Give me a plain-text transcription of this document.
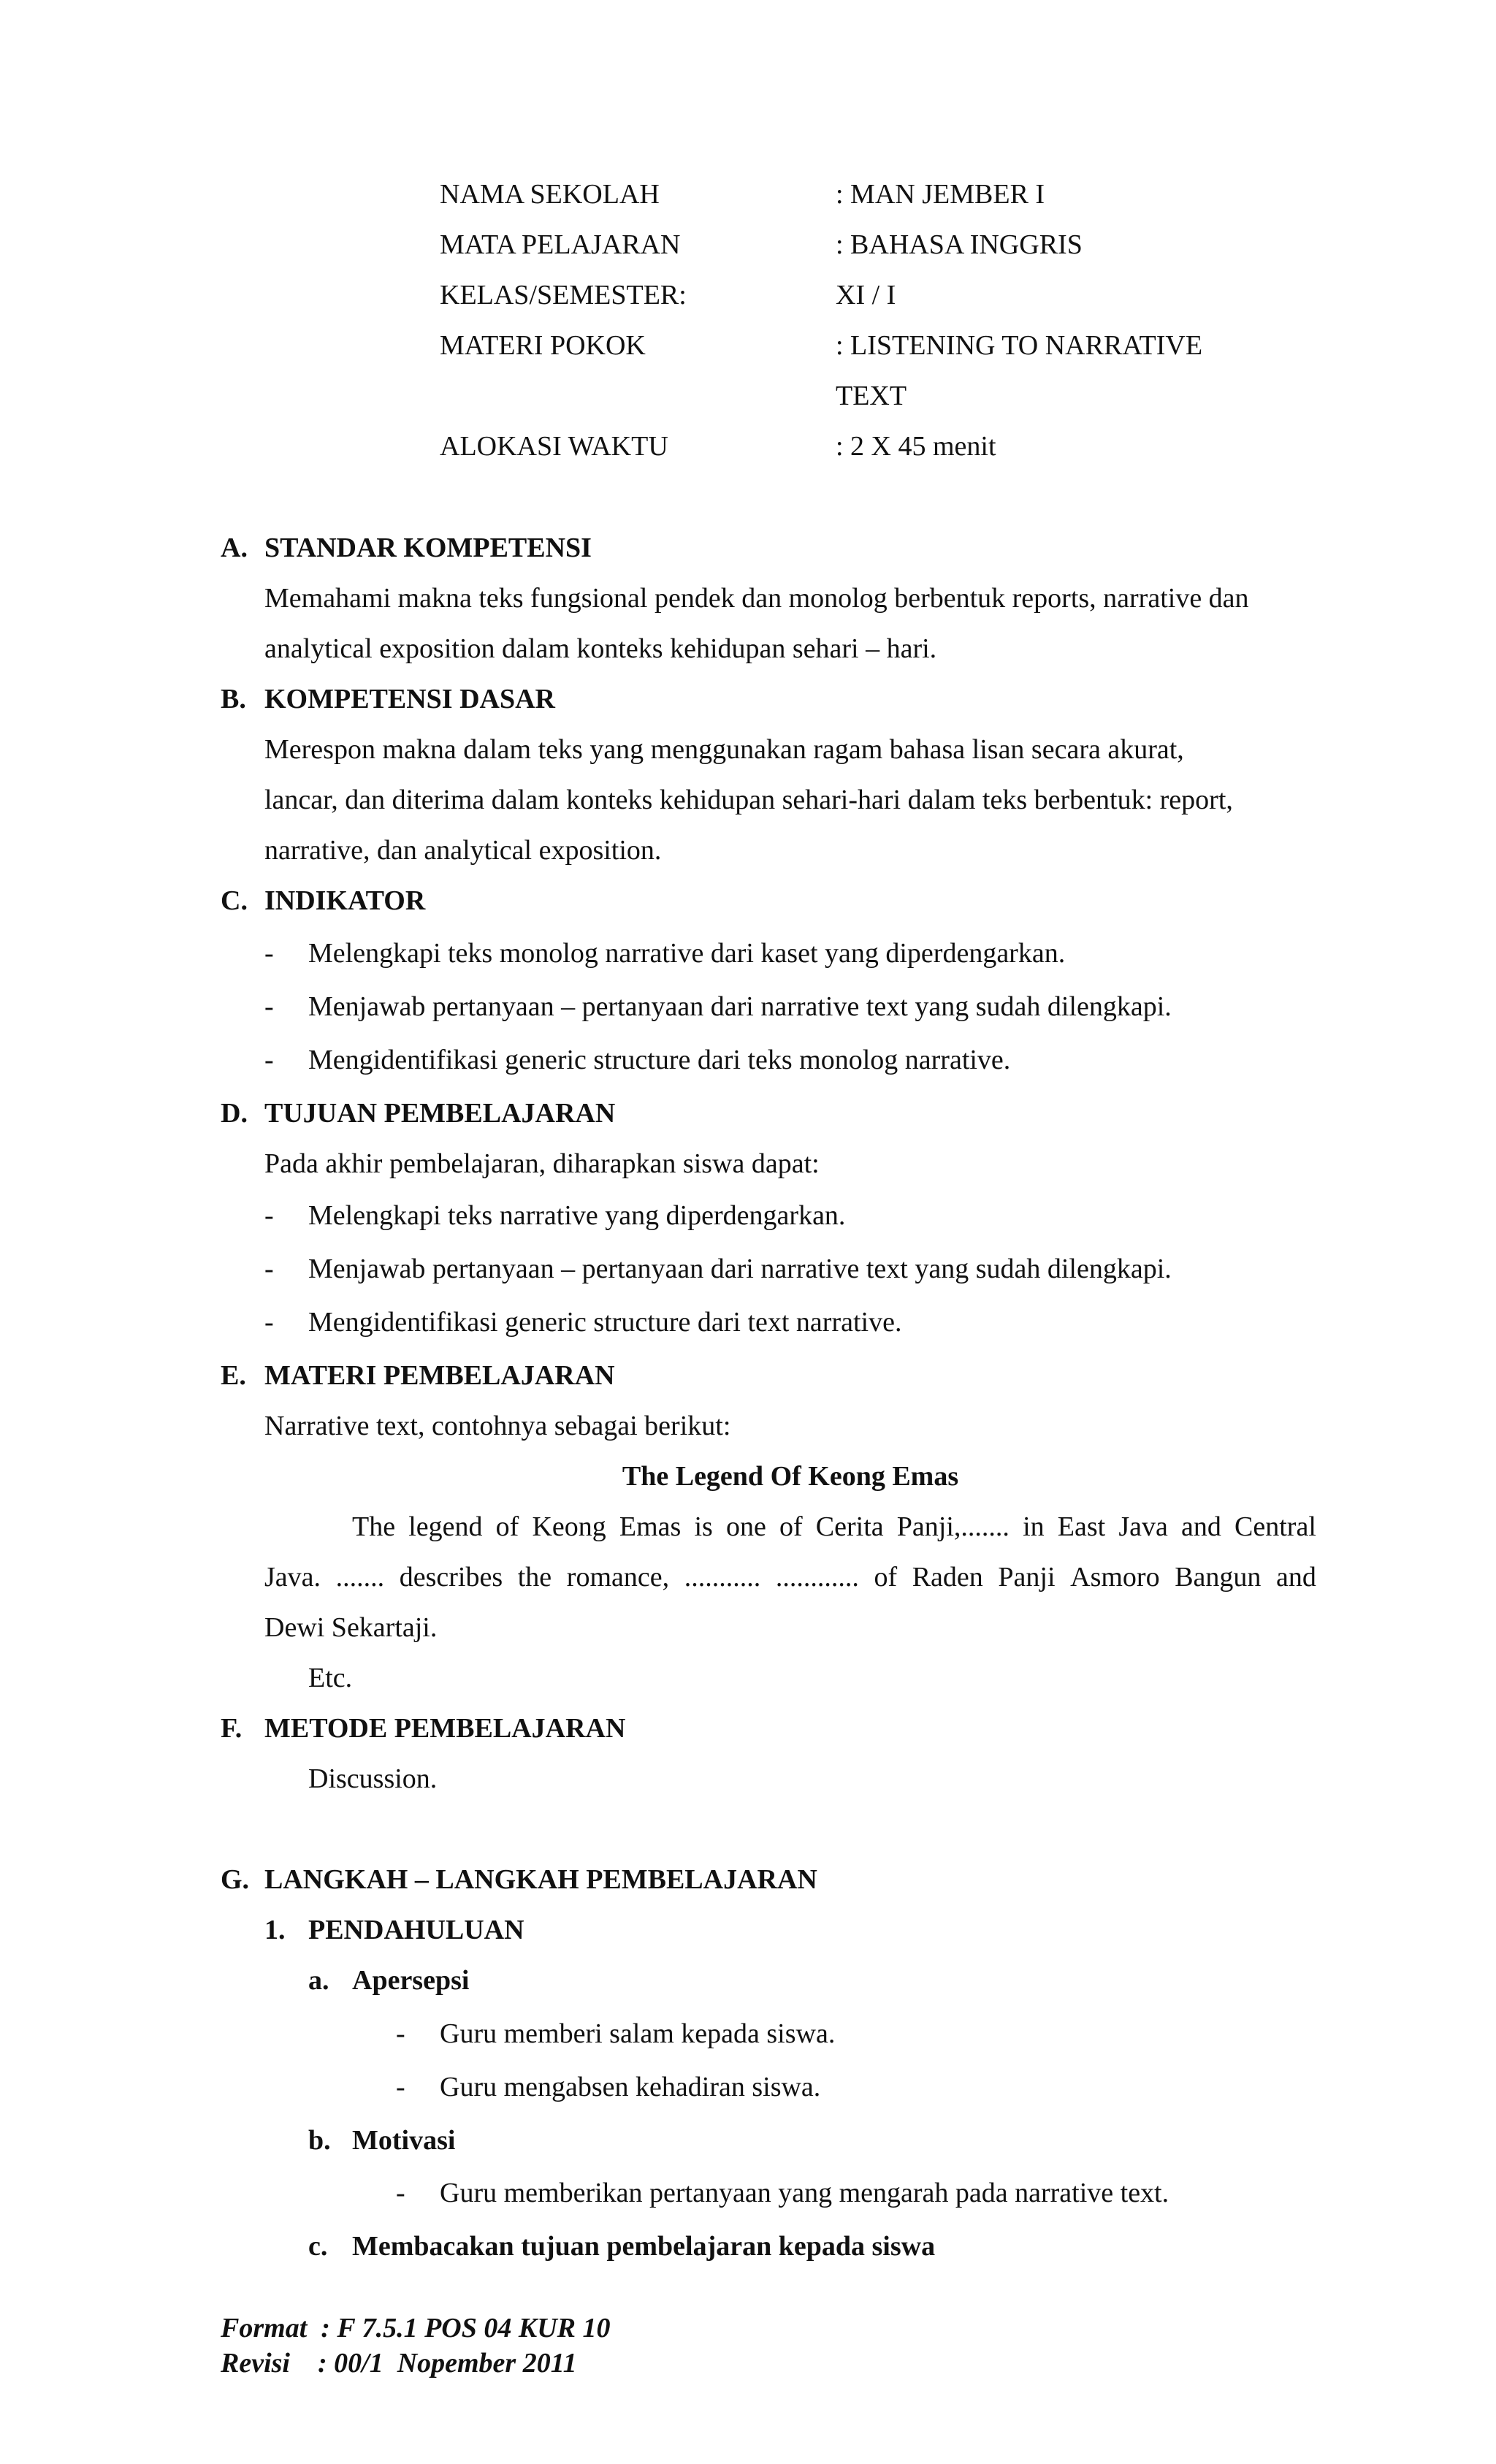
NAMA SEKOLAH	: MAN JEMBER I
MATA PELAJARAN	: BAHASA INGGRIS
KELAS/SEMESTER:	XI / I
MATERI POKOK	: LISTENING TO NARRATIVE
TEXT
ALOKASI WAKTU	: 2 X 45 menit
A. STANDAR KOMPETENSI
Memahami makna teks fungsional pendek dan monolog berbentuk reports, narrative dan
analytical exposition dalam konteks kehidupan sehari – hari.
B. KOMPETENSI DASAR
Merespon makna dalam teks yang menggunakan ragam bahasa lisan secara akurat,
lancar, dan diterima dalam konteks kehidupan sehari-hari dalam teks berbentuk: report,
narrative, dan analytical exposition.
C. INDIKATOR
- Melengkapi teks monolog narrative dari kaset yang diperdengarkan.
- Menjawab pertanyaan – pertanyaan dari narrative text yang sudah dilengkapi.
- Mengidentifikasi generic structure dari teks monolog narrative.
D. TUJUAN PEMBELAJARAN
Pada akhir pembelajaran, diharapkan siswa dapat:
- Melengkapi teks narrative yang diperdengarkan.
- Menjawab pertanyaan – pertanyaan dari narrative text yang sudah dilengkapi.
- Mengidentifikasi generic structure dari text narrative.
E. MATERI PEMBELAJARAN
Narrative text, contohnya sebagai berikut:
The Legend Of Keong Emas
The legend of Keong Emas is one of Cerita Panji,....... in East Java and Central
Java. ....... describes the romance, ........... ............ of Raden Panji Asmoro Bangun and
Dewi Sekartaji.
Etc.
F. METODE PEMBELAJARAN
Discussion.
G. LANGKAH – LANGKAH PEMBELAJARAN
1. PENDAHULUAN
a. Apersepsi
- Guru memberi salam kepada siswa.
- Guru mengabsen kehadiran siswa.
b. Motivasi
- Guru memberikan pertanyaan yang mengarah pada narrative text.
c. Membacakan tujuan pembelajaran kepada siswa
Format  : F 7.5.1 POS 04 KUR 10
Revisi    : 00/1  Nopember 2011
